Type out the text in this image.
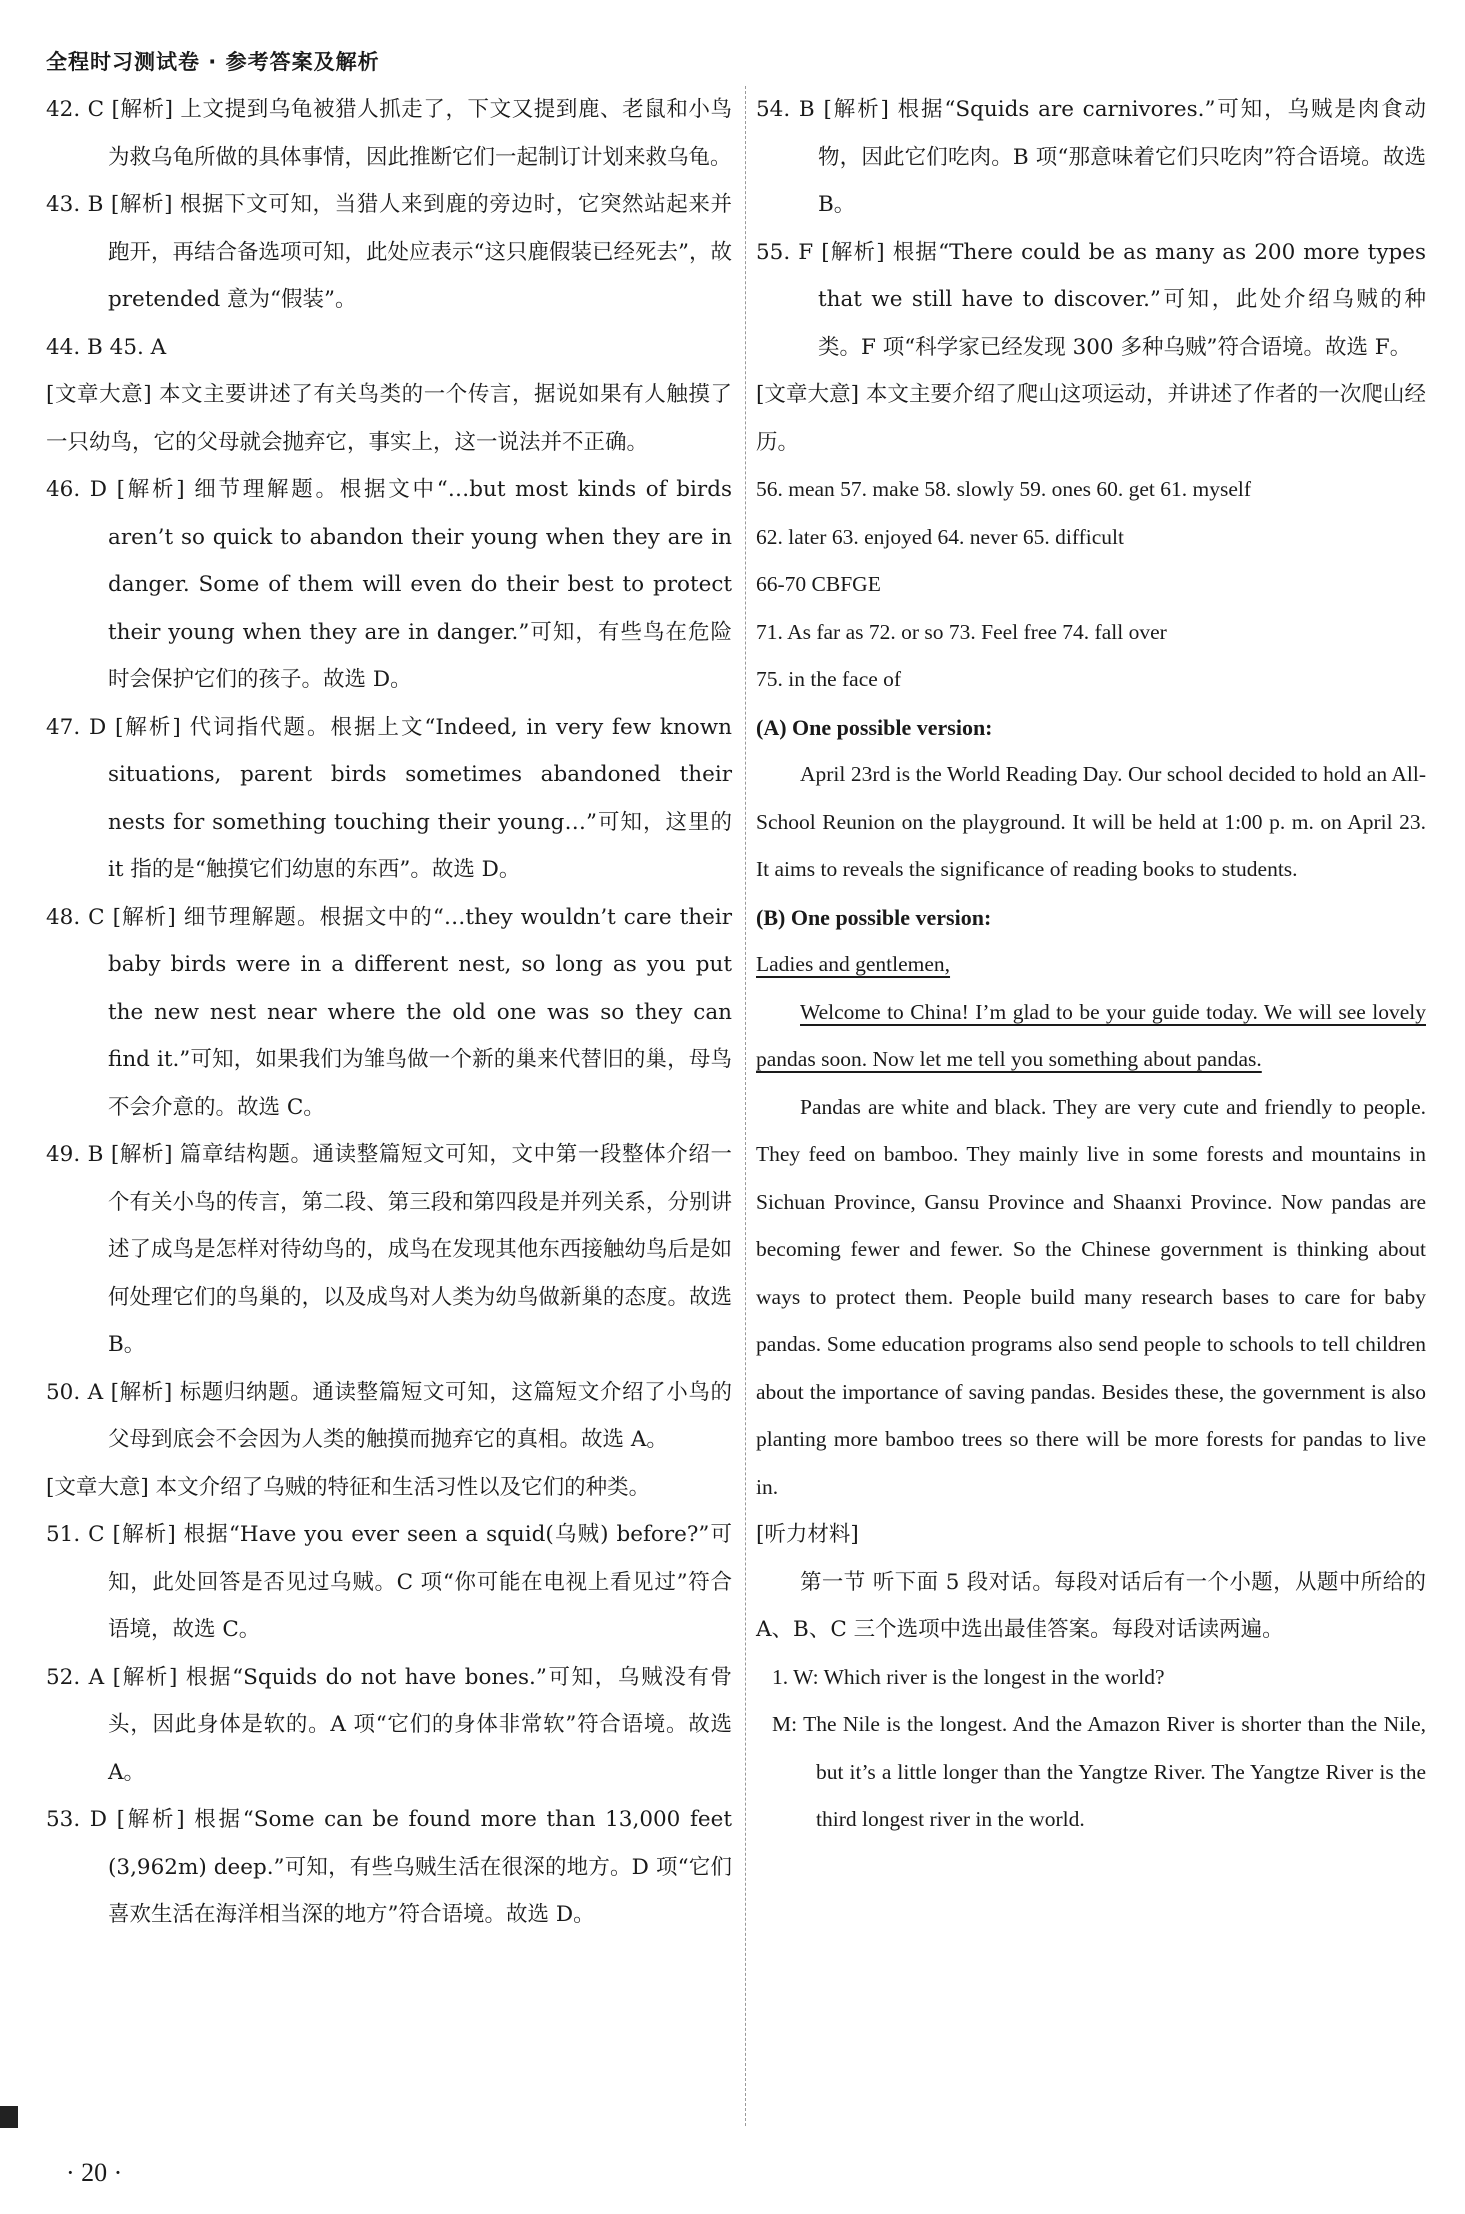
全程时习测试卷 · 参考答案及解析

42. C [解析] 上文提到乌龟被猎人抓走了，下文又提到鹿、老鼠和小鸟为救乌龟所做的具体事情，因此推断它们一起制订计划来救乌龟。

43. B [解析] 根据下文可知，当猎人来到鹿的旁边时，它突然站起来并跑开，再结合备选项可知，此处应表示“这只鹿假装已经死去”，故 pretended 意为“假装”。

44. B 45. A

[文章大意] 本文主要讲述了有关鸟类的一个传言，据说如果有人触摸了一只幼鸟，它的父母就会抛弃它，事实上，这一说法并不正确。

46. D [解析] 细节理解题。根据文中“…but most kinds of birds aren’t so quick to abandon their young when they are in danger. Some of them will even do their best to protect their young when they are in danger.”可知，有些鸟在危险时会保护它们的孩子。故选 D。

47. D [解析] 代词指代题。根据上文“Indeed, in very few known situations, parent birds sometimes abandoned their nests for something touching their young…”可知，这里的 it 指的是“触摸它们幼崽的东西”。故选 D。

48. C [解析] 细节理解题。根据文中的“…they wouldn’t care their baby birds were in a different nest, so long as you put the new nest near where the old one was so they can find it.”可知，如果我们为雏鸟做一个新的巢来代替旧的巢，母鸟不会介意的。故选 C。

49. B [解析] 篇章结构题。通读整篇短文可知，文中第一段整体介绍一个有关小鸟的传言，第二段、第三段和第四段是并列关系，分别讲述了成鸟是怎样对待幼鸟的，成鸟在发现其他东西接触幼鸟后是如何处理它们的鸟巢的，以及成鸟对人类为幼鸟做新巢的态度。故选 B。

50. A [解析] 标题归纳题。通读整篇短文可知，这篇短文介绍了小鸟的父母到底会不会因为人类的触摸而抛弃它的真相。故选 A。

[文章大意] 本文介绍了乌贼的特征和生活习性以及它们的种类。

51. C [解析] 根据“Have you ever seen a squid(乌贼) before?”可知，此处回答是否见过乌贼。C 项“你可能在电视上看见过”符合语境，故选 C。

52. A [解析] 根据“Squids do not have bones.”可知，乌贼没有骨头，因此身体是软的。A 项“它们的身体非常软”符合语境。故选 A。

53. D [解析] 根据“Some can be found more than 13,000 feet (3,962m) deep.”可知，有些乌贼生活在很深的地方。D 项“它们喜欢生活在海洋相当深的地方”符合语境。故选 D。

54. B [解析] 根据“Squids are carnivores.”可知，乌贼是肉食动物，因此它们吃肉。B 项“那意味着它们只吃肉”符合语境。故选 B。

55. F [解析] 根据“There could be as many as 200 more types that we still have to discover.”可知，此处介绍乌贼的种类。F 项“科学家已经发现 300 多种乌贼”符合语境。故选 F。

[文章大意] 本文主要介绍了爬山这项运动，并讲述了作者的一次爬山经历。

56. mean 57. make 58. slowly 59. ones 60. get 61. myself

62. later 63. enjoyed 64. never 65. difficult

66-70 CBFGE

71. As far as 72. or so 73. Feel free 74. fall over

75. in the face of

(A) One possible version:

April 23rd is the World Reading Day. Our school decided to hold an All-School Reunion on the playground. It will be held at 1:00 p. m. on April 23. It aims to reveals the significance of reading books to students.

(B) One possible version:

Ladies and gentlemen,

Welcome to China! I’m glad to be your guide today. We will see lovely pandas soon. Now let me tell you something about pandas.

Pandas are white and black. They are very cute and friendly to people. They feed on bamboo. They mainly live in some forests and mountains in Sichuan Province, Gansu Province and Shaanxi Province. Now pandas are becoming fewer and fewer. So the Chinese government is thinking about ways to protect them. People build many research bases to care for baby pandas. Some education programs also send people to schools to tell children about the importance of saving pandas. Besides these, the government is also planting more bamboo trees so there will be more forests for pandas to live in.

[听力材料]

第一节 听下面 5 段对话。每段对话后有一个小题，从题中所给的 A、B、C 三个选项中选出最佳答案。每段对话读两遍。

1. W: Which river is the longest in the world?

M: The Nile is the longest. And the Amazon River is shorter than the Nile, but it’s a little longer than the Yangtze River. The Yangtze River is the third longest river in the world.

· 20 ·
